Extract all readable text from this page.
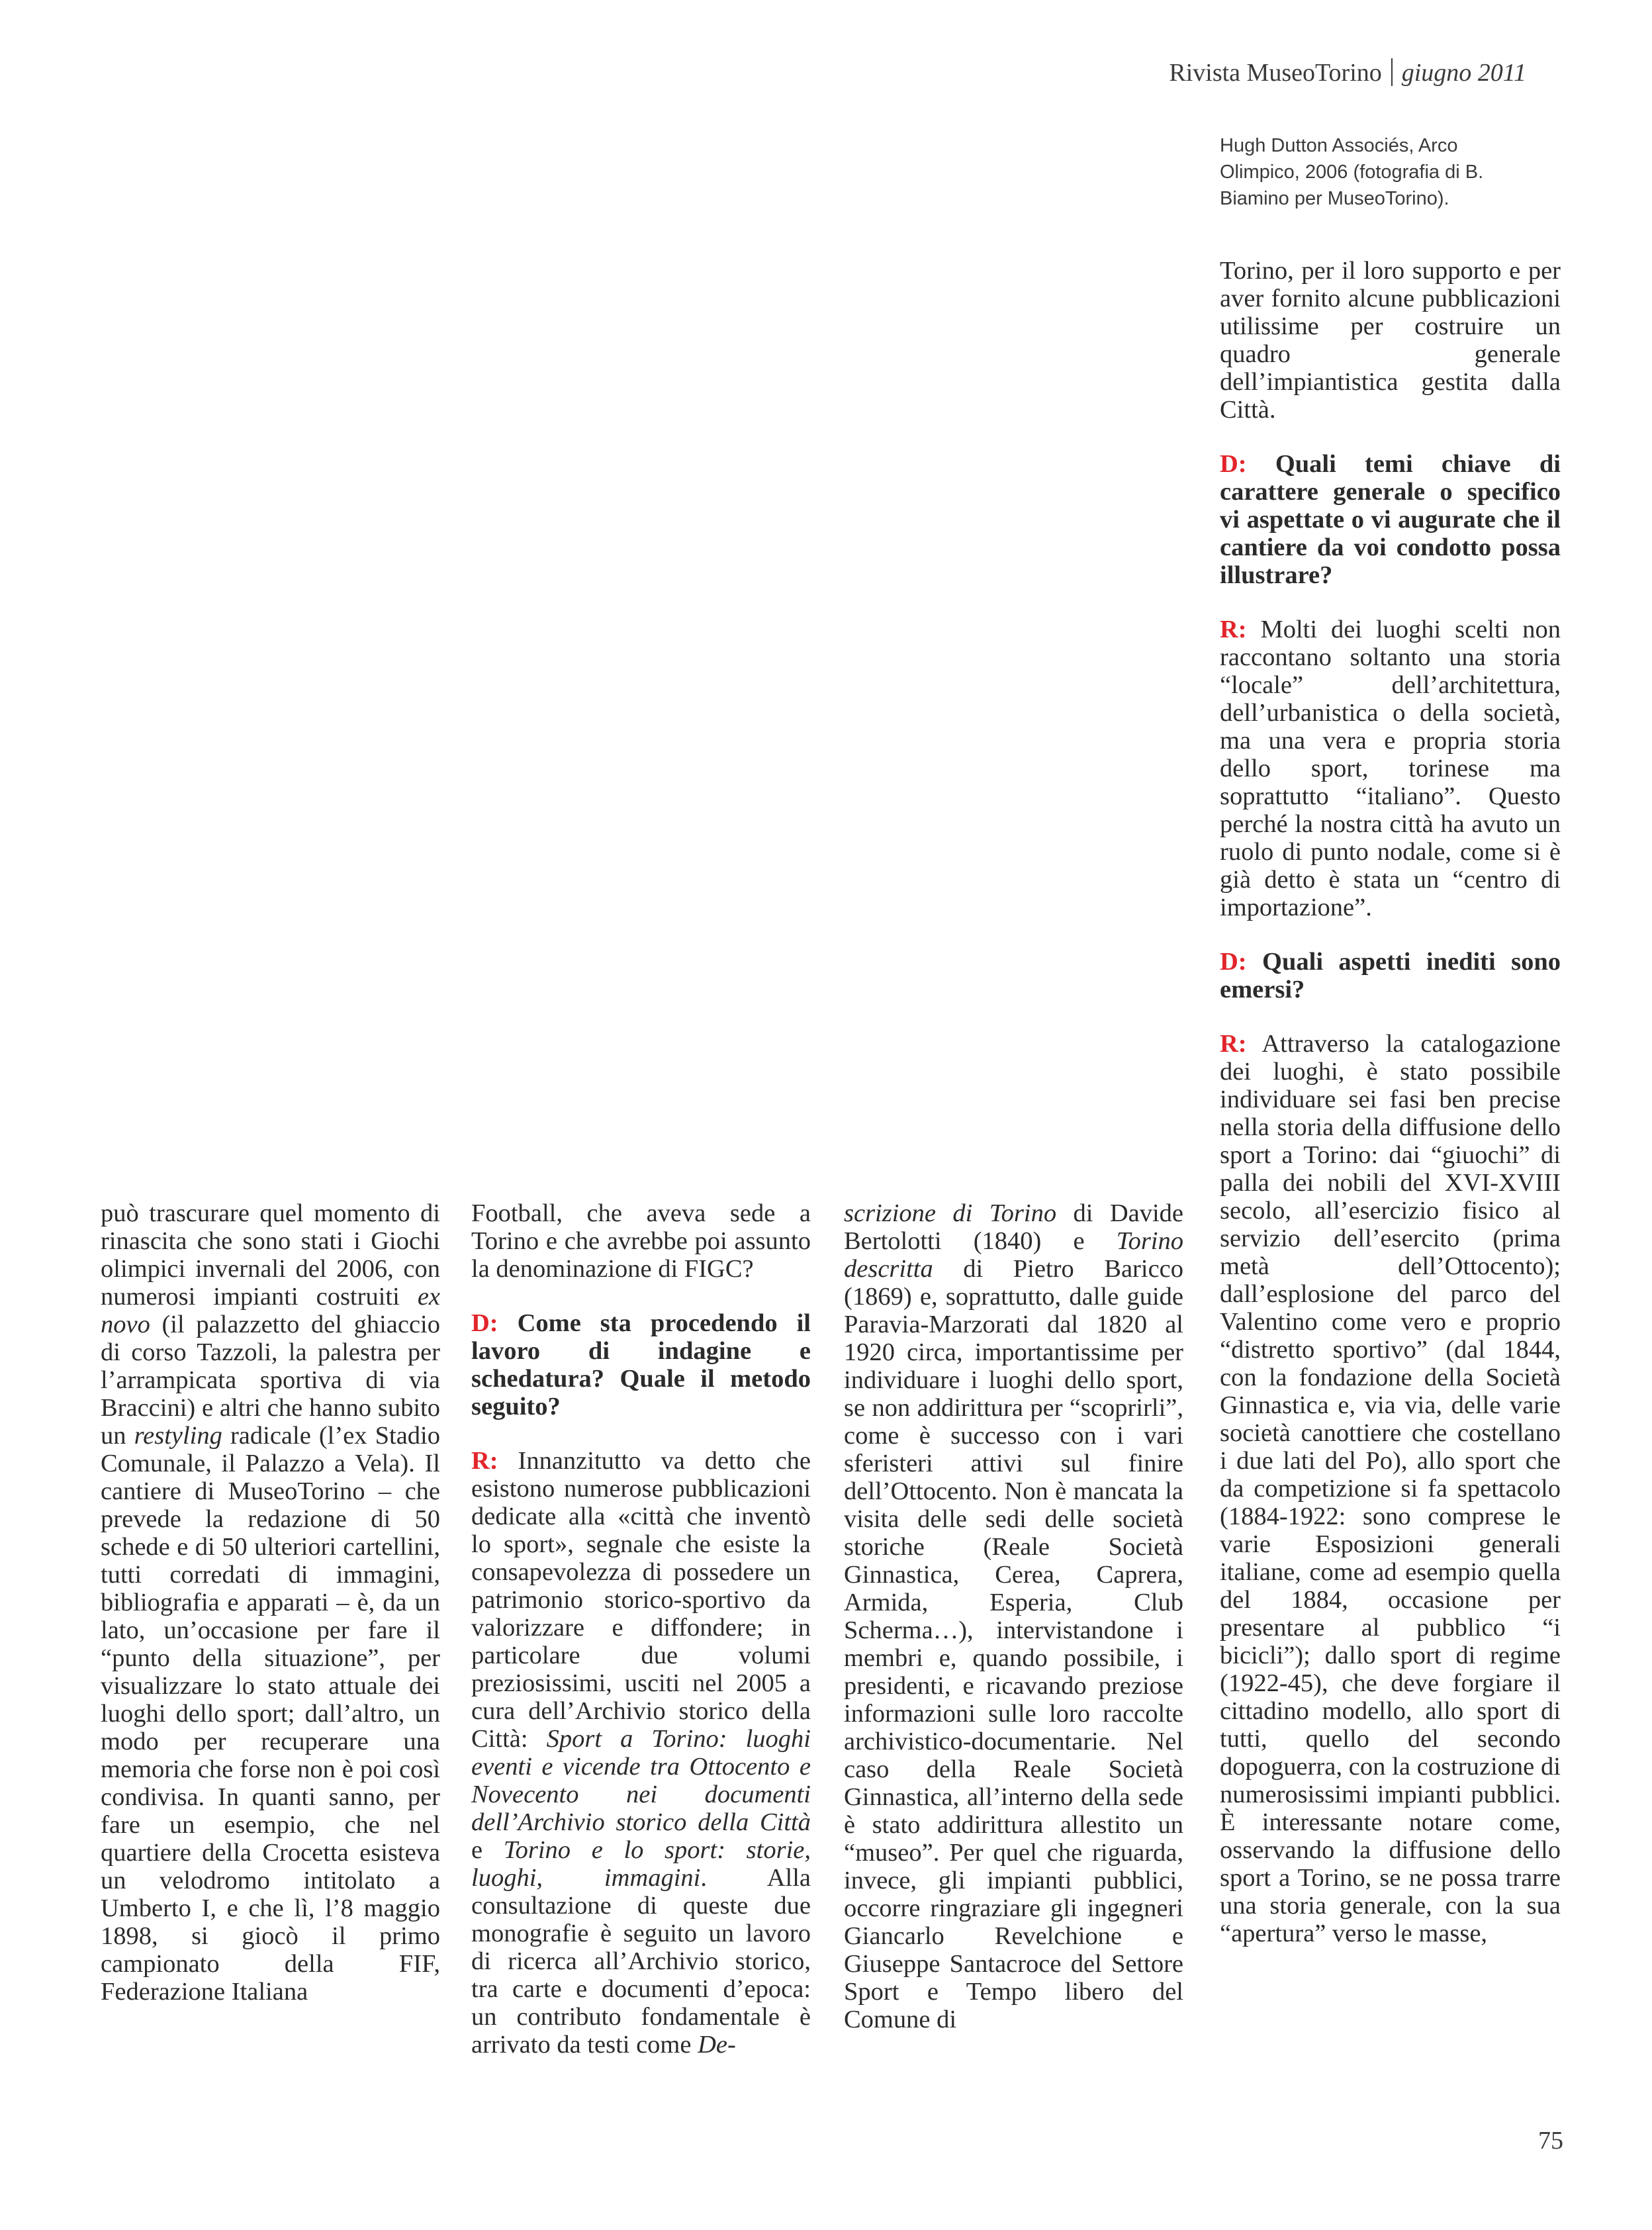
Rivista MuseoTorino giugno 2011
Hugh Dutton Associés, Arco Olimpico, 2006 (fotografia di B. Biamino per MuseoTorino).

può trascurare quel momento di rinascita che sono stati i Giochi olimpici invernali del 2006, con numerosi impianti costruiti ex novo (il palazzetto del ghiaccio di corso Tazzoli, la palestra per l’arrampicata sportiva di via Braccini) e altri che hanno subito un restyling radicale (l’ex Stadio Comunale, il Palazzo a Vela). Il cantiere di MuseoTorino – che prevede la redazione di 50 schede e di 50 ulteriori cartellini, tutti corredati di immagini, bibliografia e apparati – è, da un lato, un’occasione per fare il “punto della situazione”, per visualizzare lo stato attuale dei luoghi dello sport; dall’altro, un modo per recuperare una memoria che forse non è poi così condivisa. In quanti sanno, per fare un esempio, che nel quartiere della Crocetta esisteva un velodromo intitolato a Umberto I, e che lì, l’8 maggio 1898, si giocò il primo campionato della FIF, Federazione Italiana

Football, che aveva sede a Torino e che avrebbe poi assunto la denominazione di FIGC?

D: Come sta procedendo il lavoro di indagine e schedatura? Quale il metodo seguito?

R: Innanzitutto va detto che esistono numerose pubblicazioni dedicate alla «città che inventò lo sport», segnale che esiste la consapevolezza di possedere un patrimonio storico-sportivo da valorizzare e diffondere; in particolare due volumi preziosissimi, usciti nel 2005 a cura dell’Archivio storico della Città: Sport a Torino: luoghi eventi e vicende tra Ottocento e Novecento nei documenti dell’Archivio storico della Città e Torino e lo sport: storie, luoghi, immagini. Alla consultazione di queste due monografie è seguito un lavoro di ricerca all’Archivio storico, tra carte e documenti d’epoca: un contributo fondamentale è arrivato da testi come De-

scrizione di Torino di Davide Bertolotti (1840) e Torino descritta di Pietro Baricco (1869) e, soprattutto, dalle guide Paravia-Marzorati dal 1820 al 1920 circa, importantissime per individuare i luoghi dello sport, se non addirittura per “scoprirli”, come è successo con i vari sferisteri attivi sul finire dell’Ottocento. Non è mancata la visita delle sedi delle società storiche (Reale Società Ginnastica, Cerea, Caprera, Armida, Esperia, Club Scherma…), intervistandone i membri e, quando possibile, i presidenti, e ricavando preziose informazioni sulle loro raccolte archivistico-documentarie. Nel caso della Reale Società Ginnastica, all’interno della sede è stato addirittura allestito un “museo”. Per quel che riguarda, invece, gli impianti pubblici, occorre ringraziare gli ingegneri Giancarlo Revelchione e Giuseppe Santacroce del Settore Sport e Tempo libero del Comune di

Torino, per il loro supporto e per aver fornito alcune pubblicazioni utilissime per costruire un quadro generale dell’impiantistica gestita dalla Città.

D: Quali temi chiave di carattere generale o specifico vi aspettate o vi augurate che il cantiere da voi condotto possa illustrare?

R: Molti dei luoghi scelti non raccontano soltanto una storia “locale” dell’architettura, dell’urbanistica o della società, ma una vera e propria storia dello sport, torinese ma soprattutto “italiano”. Questo perché la nostra città ha avuto un ruolo di punto nodale, come si è già detto è stata un “centro di importazione”.

D: Quali aspetti inediti sono emersi?

R: Attraverso la catalogazione dei luoghi, è stato possibile individuare sei fasi ben precise nella storia della diffusione dello sport a Torino: dai “giuochi” di palla dei nobili del XVI-XVIII secolo, all’esercizio fisico al servizio dell’esercito (prima metà dell’Ottocento); dall’esplosione del parco del Valentino come vero e proprio “distretto sportivo” (dal 1844, con la fondazione della Società Ginnastica e, via via, delle varie società canottiere che costellano i due lati del Po), allo sport che da competizione si fa spettacolo (1884-1922: sono comprese le varie Esposizioni generali italiane, come ad esempio quella del 1884, occasione per presentare al pubblico “i bicicli”); dallo sport di regime (1922-45), che deve forgiare il cittadino modello, allo sport di tutti, quello del secondo dopoguerra, con la costruzione di numerosissimi impianti pubblici. È interessante notare come, osservando la diffusione dello sport a Torino, se ne possa trarre una storia generale, con la sua “apertura” verso le masse,

75
